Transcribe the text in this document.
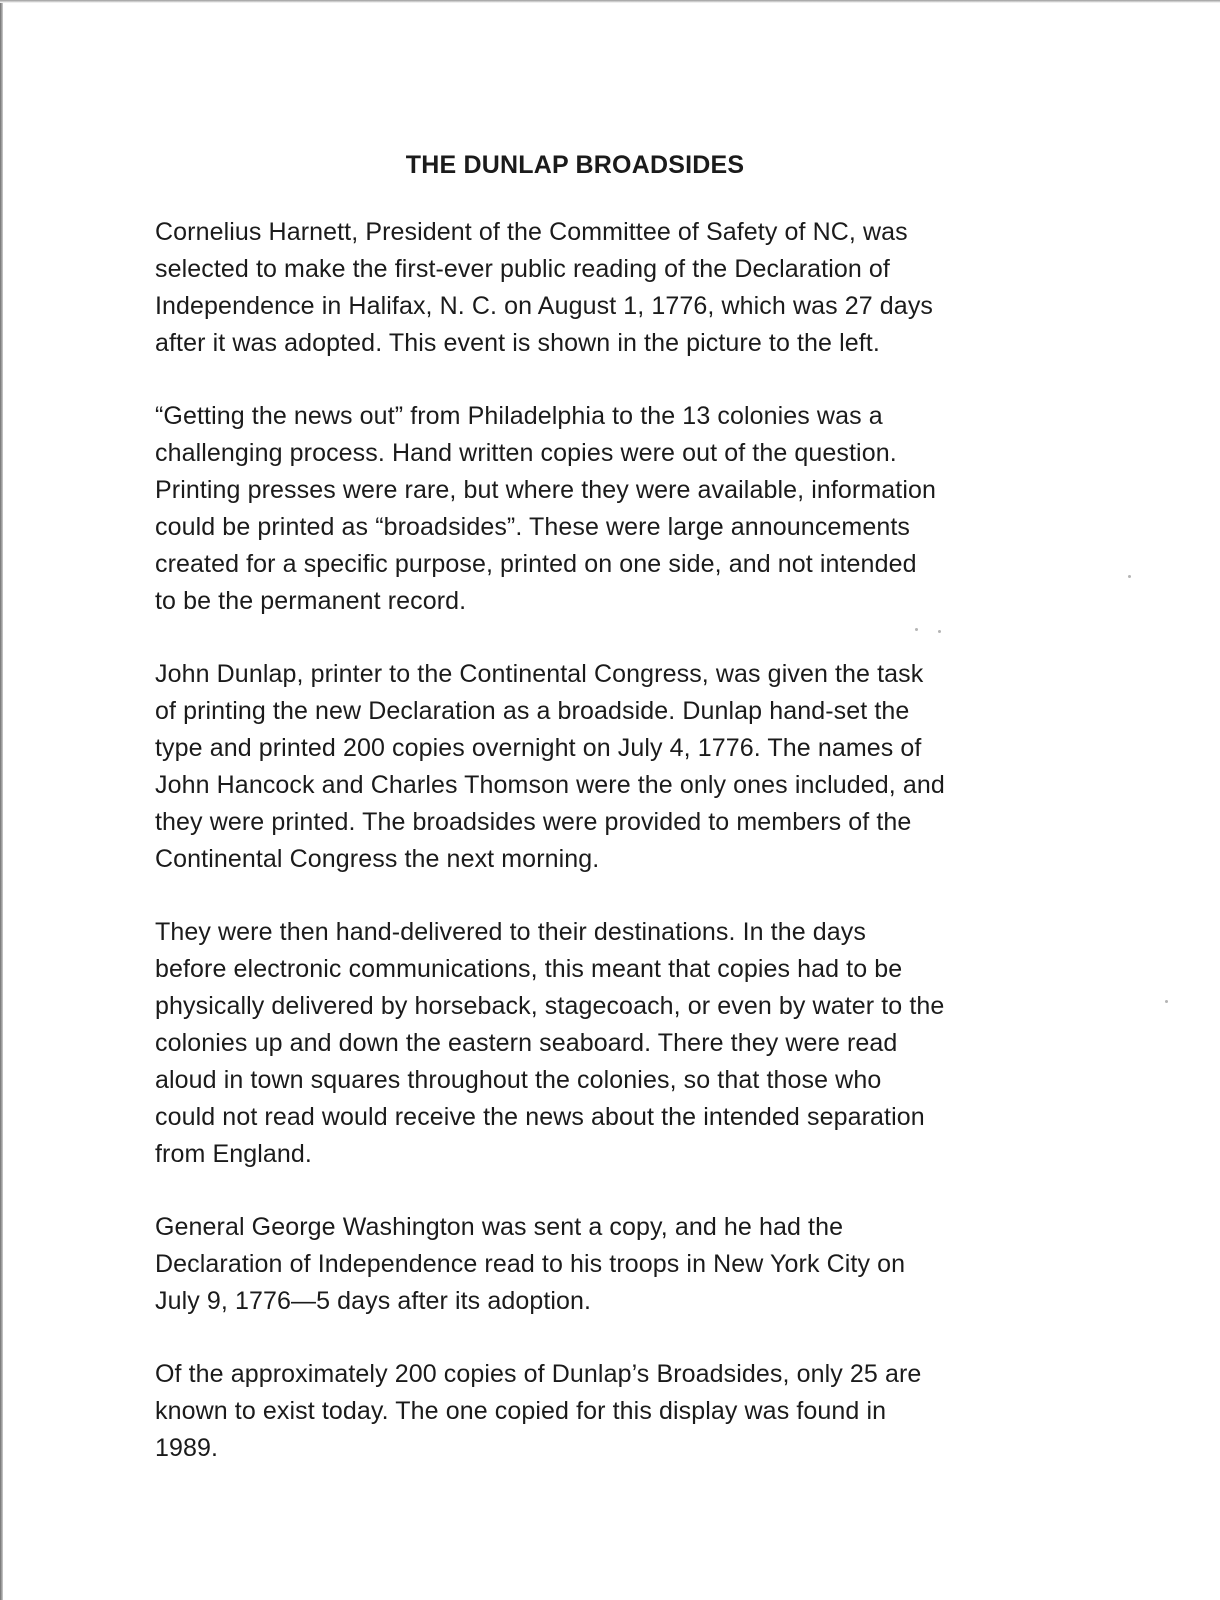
THE DUNLAP BROADSIDES

Cornelius Harnett, President of the Committee of Safety of NC, was
selected to make the first-ever public reading of the Declaration of
Independence in Halifax, N. C. on August 1, 1776, which was 27 days
after it was adopted. This event is shown in the picture to the left.

“Getting the news out” from Philadelphia to the 13 colonies was a
challenging process. Hand written copies were out of the question.
Printing presses were rare, but where they were available, information
could be printed as “broadsides”. These were large announcements
created for a specific purpose, printed on one side, and not intended
to be the permanent record.

John Dunlap, printer to the Continental Congress, was given the task
of printing the new Declaration as a broadside. Dunlap hand-set the
type and printed 200 copies overnight on July 4, 1776. The names of
John Hancock and Charles Thomson were the only ones included, and
they were printed. The broadsides were provided to members of the
Continental Congress the next morning.

They were then hand-delivered to their destinations. In the days
before electronic communications, this meant that copies had to be
physically delivered by horseback, stagecoach, or even by water to the
colonies up and down the eastern seaboard. There they were read
aloud in town squares throughout the colonies, so that those who
could not read would receive the news about the intended separation
from England.

General George Washington was sent a copy, and he had the
Declaration of Independence read to his troops in New York City on
July 9, 1776—5 days after its adoption.

Of the approximately 200 copies of Dunlap’s Broadsides, only 25 are
known to exist today. The one copied for this display was found in
1989.
